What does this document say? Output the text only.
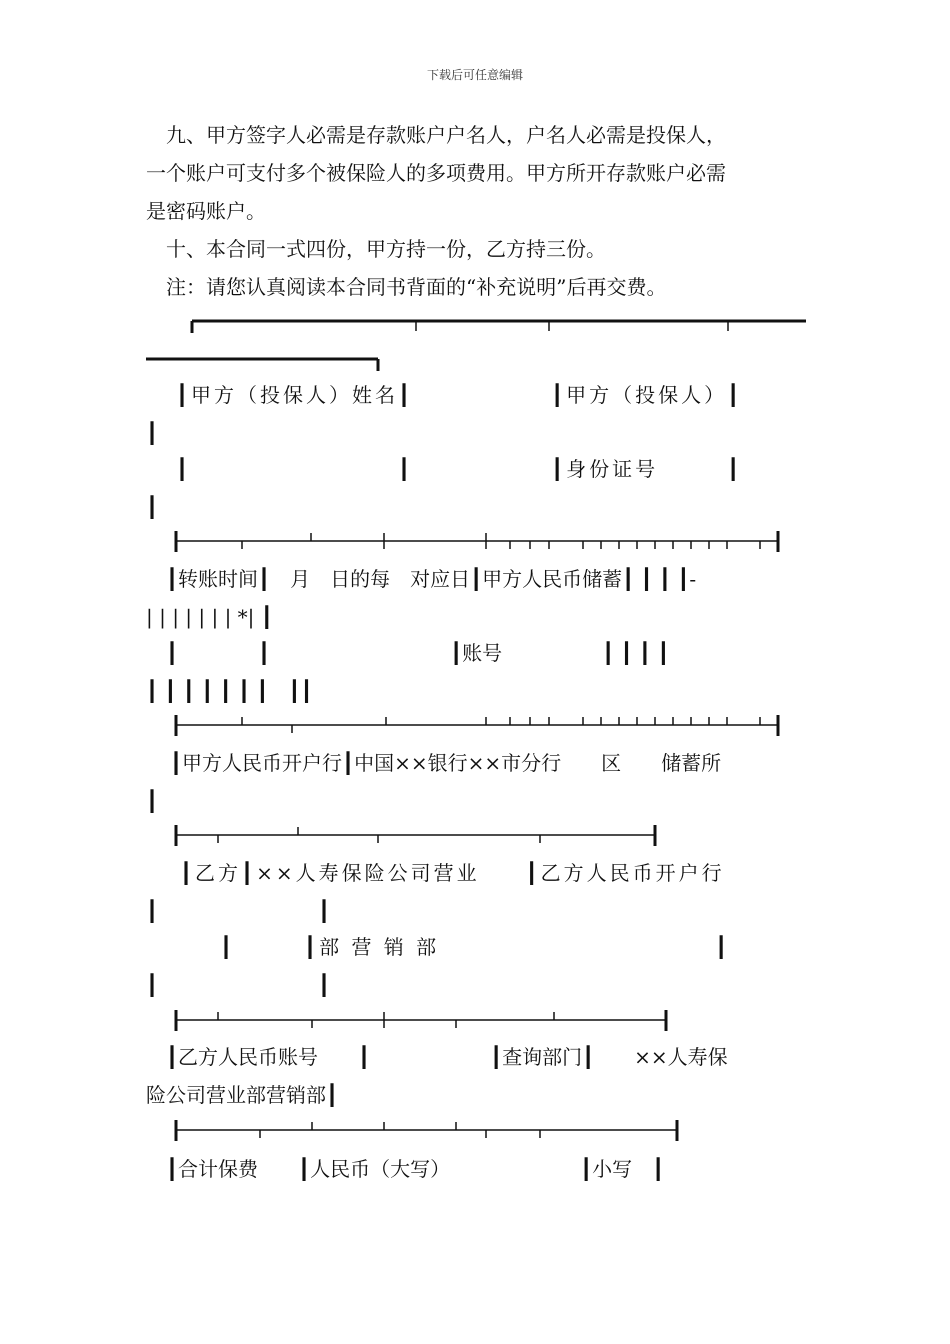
下载后可任意编辑

　九、甲方签字人必需是存款账户户名人，户名人必需是投保人，

一个账户可支付多个被保险人的多项费用。甲方所开存款账户必需

是密码账户。

　十、本合同一式四份，甲方持一份，乙方持三份。

　注：请您认真阅读本合同书背面的“补充说明”后再交费。

┃甲方（投保人）姓名┃　　　　　　┃甲方（投保人）┃
┃
┃　　　　　　　　　┃　　　　　　┃身份证号　　　┃
┃
┃转账时间┃　月　日的每　对应日┃甲方人民币储蓄┃ ┃ ┃ ┃-
| | | | | | | *| ┃
┃　　　　┃　　　　　　　　　┃账号　　　　　┃ ┃ ┃ ┃
┃ ┃ ┃ ┃ ┃ ┃ ┃　┃┃
┃甲方人民币开户行┃中国××银行××市分行　　区　　储蓄所
┃
┃乙方┃××人寿保险公司营业　　┃乙方人民币开户行
┃　　　　　　　　┃
┃　　　┃部 营 销 部　　　　　　　　　　　　┃
┃　　　　　　　　┃
┃乙方人民币账号　　┃　　　　　　┃查询部门┃　　××人寿保
险公司营业部营销部┃
┃合计保费　　┃人民币（大写）　　　　　　　┃小写　┃
